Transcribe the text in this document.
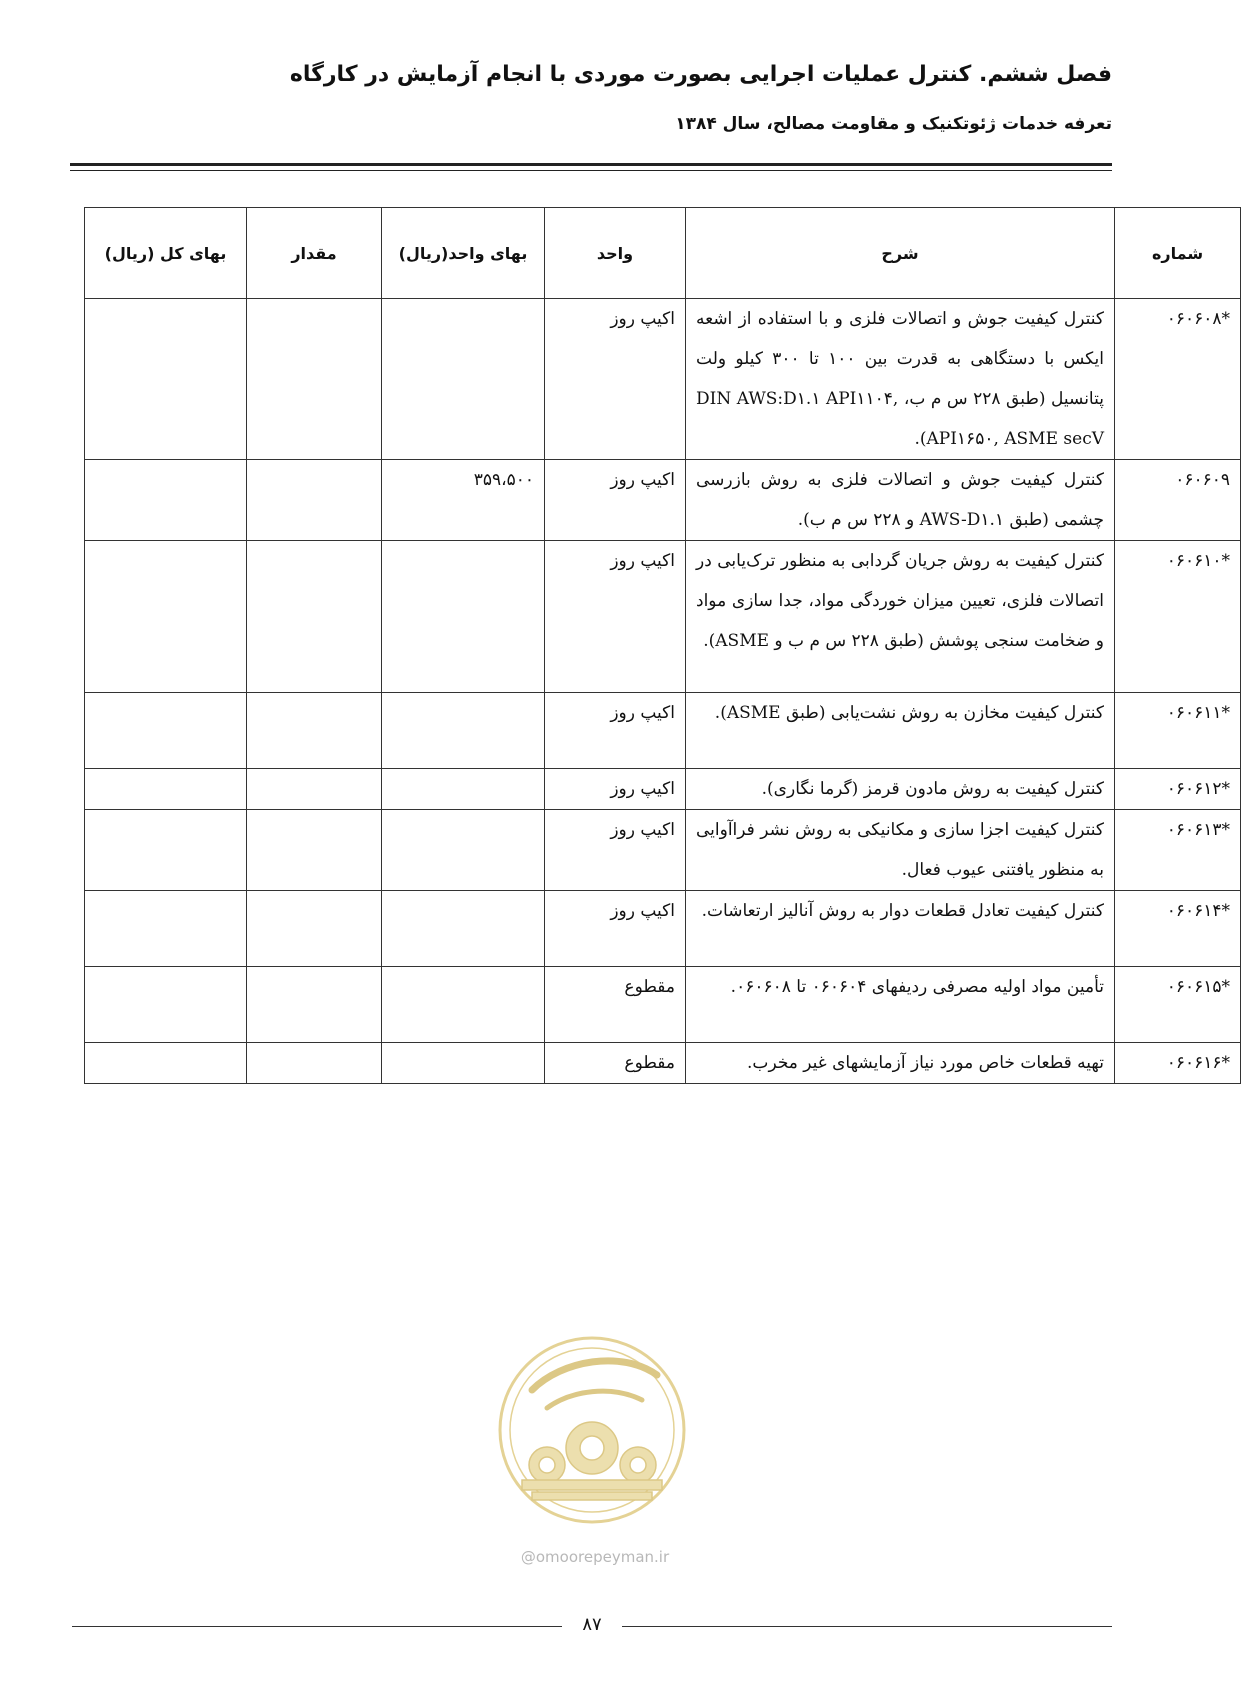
فصل ششم. کنترل عملیات اجرایی بصورت موردی با انجام آزمایش در کارگاه
تعرفه خدمات ژئوتکنیک و مقاومت مصالح، سال ۱۳۸۴
شماره	شرح	واحد	بهای واحد(ریال)	مقدار	بهای کل (ریال)
*۰۶۰۶۰۸	کنترل کیفیت جوش و اتصالات فلزی و با استفاده از اشعه ایکس با دستگاهی به قدرت بین ۱۰۰ تا ۳۰۰ کیلو ولت پتانسیل (طبق ۲۲۸ س م ب، DIN AWS:D۱.۱ API۱۱۰۴, API۱۶۵۰, ASME secV).	اکیپ روز			
۰۶۰۶۰۹	کنترل کیفیت جوش و اتصالات فلزی به روش بازرسی چشمی (طبق AWS-D۱.۱ و ۲۲۸ س م ب).	اکیپ روز	۳۵۹،۵۰۰		
*۰۶۰۶۱۰	کنترل کیفیت به روش جریان گردابی به منظور ترک‌یابی در اتصالات فلزی، تعیین میزان خوردگی مواد، جدا سازی مواد و ضخامت سنجی پوشش (طبق ۲۲۸ س م ب و ASME).	اکیپ روز			
*۰۶۰۶۱۱	کنترل کیفیت مخازن به روش نشت‌یابی (طبق ASME).	اکیپ روز			
*۰۶۰۶۱۲	کنترل کیفیت به روش مادون قرمز (گرما نگاری).	اکیپ روز			
*۰۶۰۶۱۳	کنترل کیفیت اجزا سازی و مکانیکی به روش نشر فراآوایی به منظور یافتنی عیوب فعال.	اکیپ روز			
*۰۶۰۶۱۴	کنترل کیفیت تعادل قطعات دوار به روش آنالیز ارتعاشات.	اکیپ روز			
*۰۶۰۶۱۵	تأمین مواد اولیه مصرفی ردیفهای ۰۶۰۶۰۴ تا ۰۶۰۶۰۸.	مقطوع			
*۰۶۰۶۱۶	تهیه قطعات خاص مورد نیاز آزمایشهای غیر مخرب.	مقطوع			
@omoorepeyman.ir
۸۷
